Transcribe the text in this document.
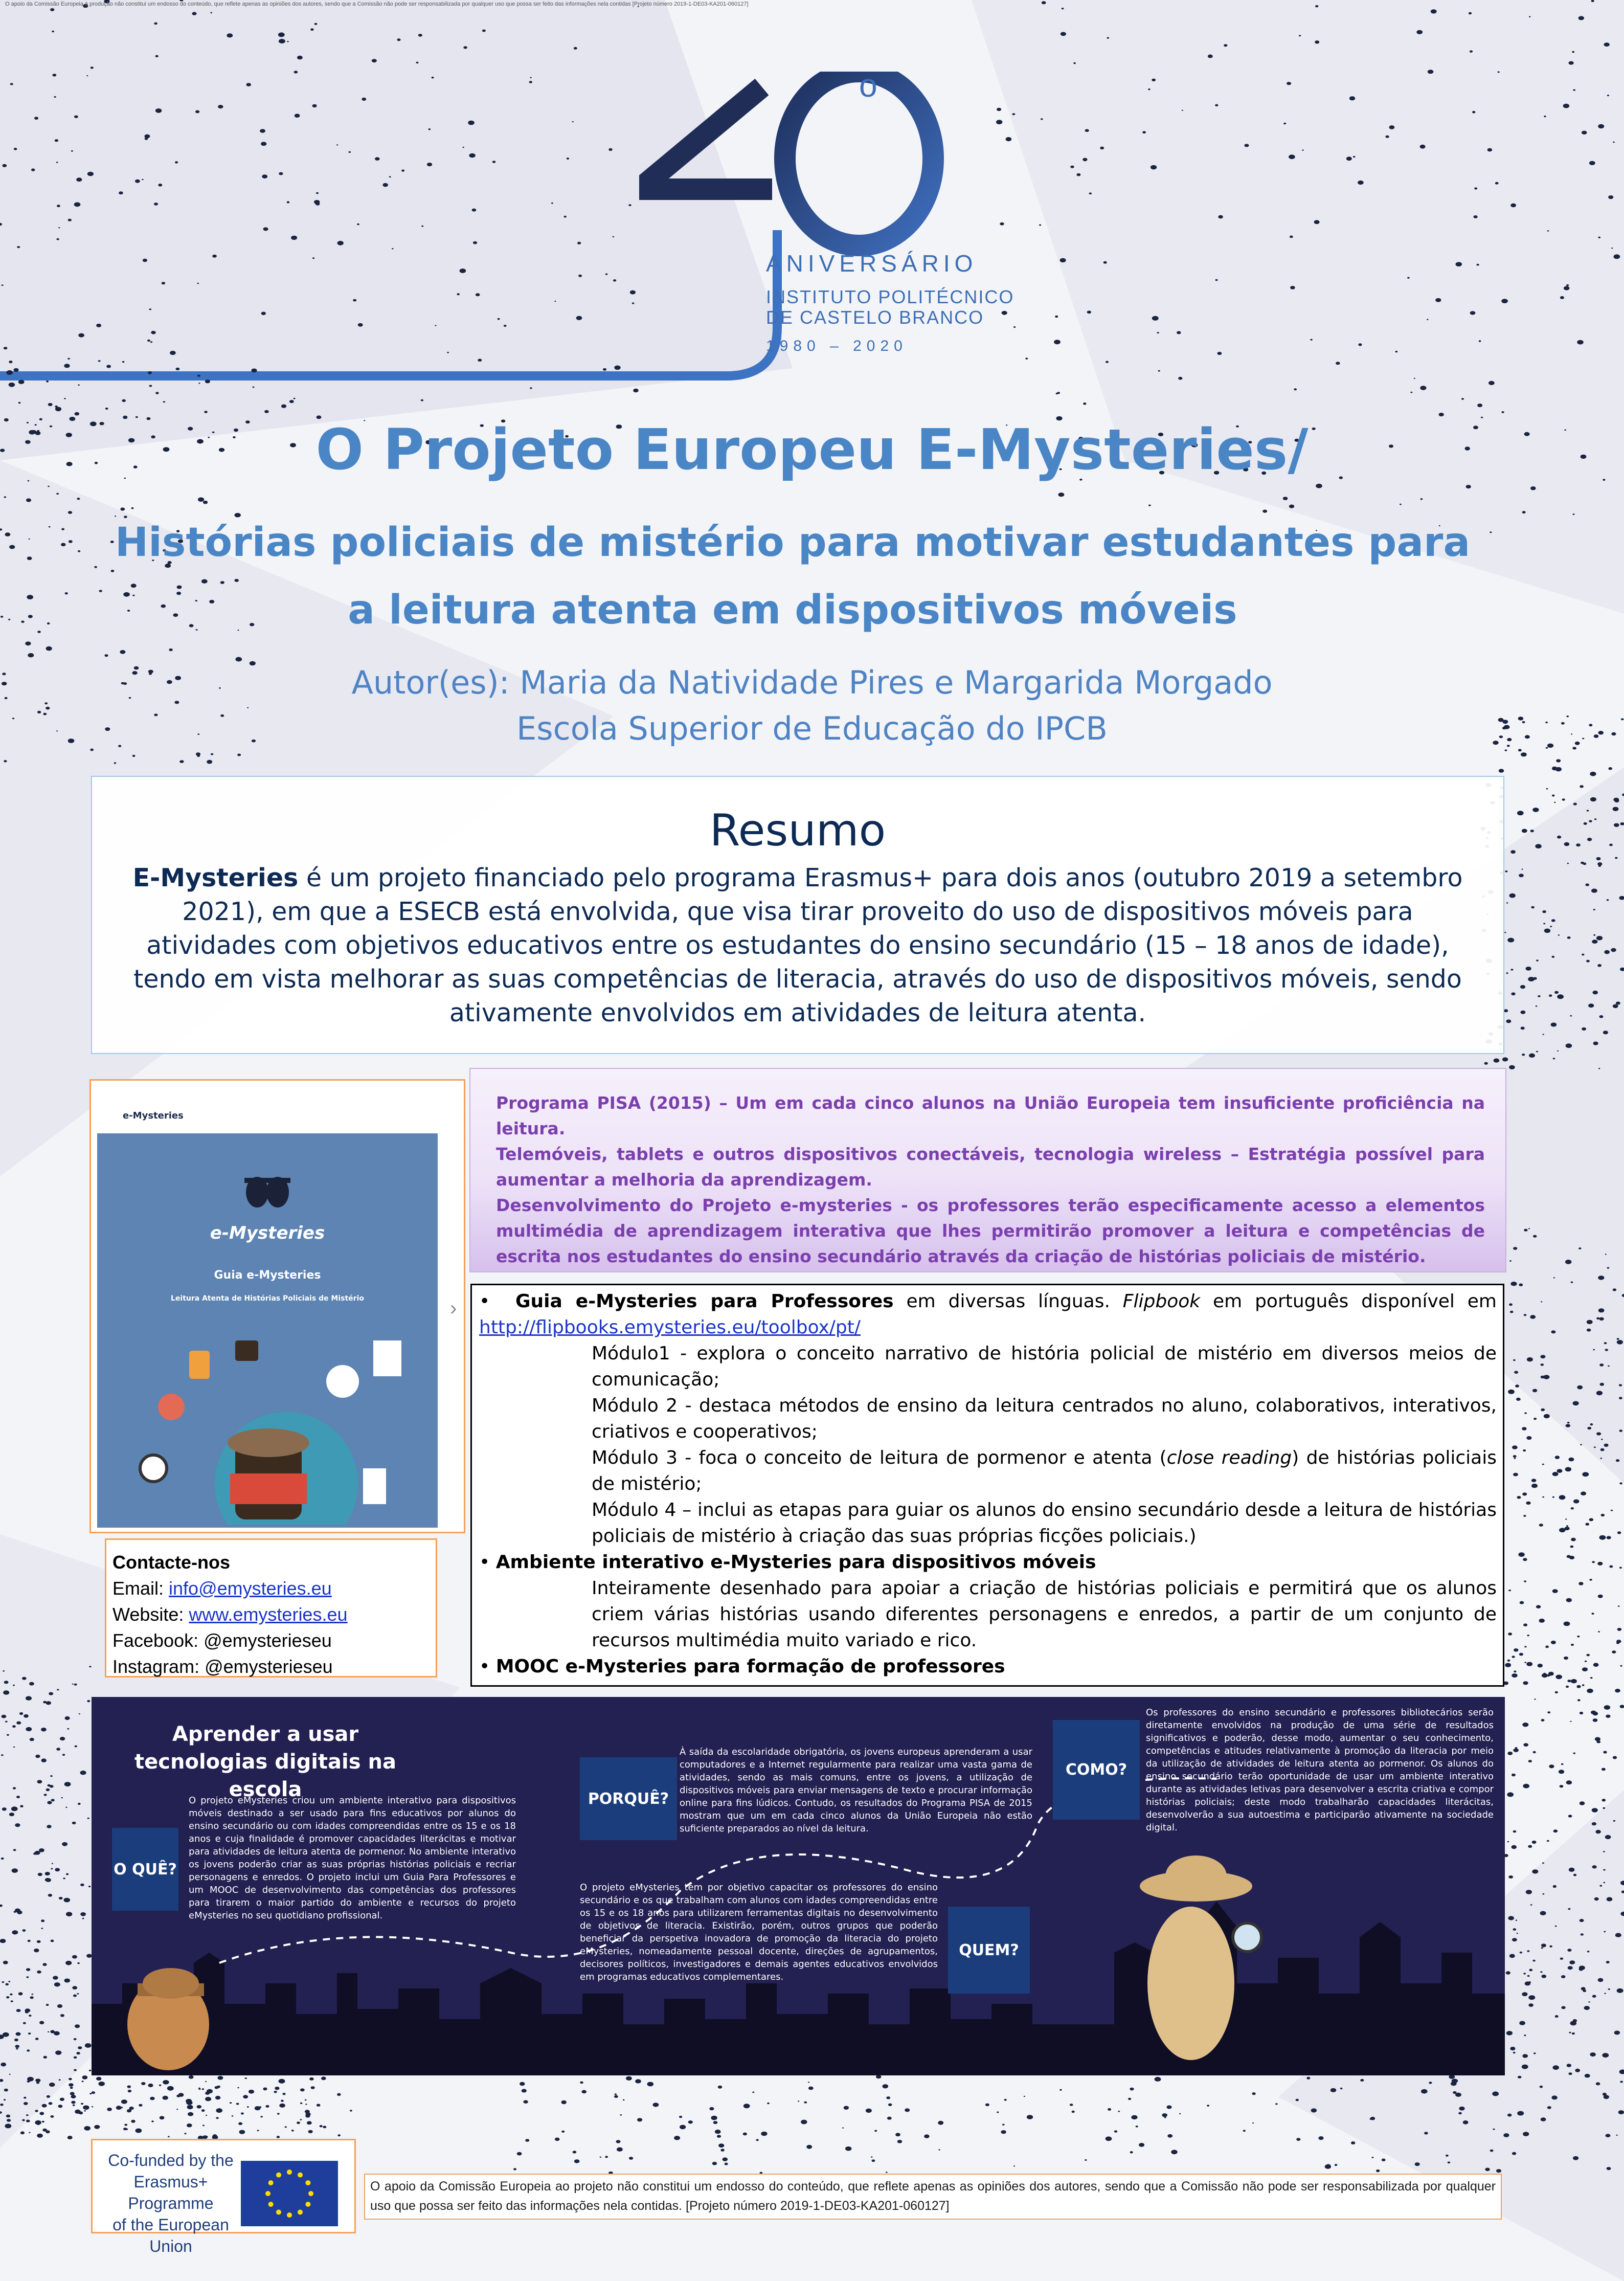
O apoio da Comissão Europeia à produção não constitui um endosso do conteúdo, que reflete apenas as opiniões dos autores, sendo que a Comissão não pode ser responsabilizada por qualquer uso que possa ser feito das informações nela contidas [Projeto número 2019-1-DE03-KA201-060127]
o
ANIVERSÁRIO
INSTITUTO POLITÉCNICO
DE CASTELO BRANCO
1980 – 2020
O Projeto Europeu E-Mysteries/
Histórias policiais de mistério para motivar estudantes para
a leitura atenta em dispositivos móveis
Autor(es): Maria da Natividade Pires e Margarida Morgado
Escola Superior de Educação do IPCB
Resumo
E-Mysteries é um projeto financiado pelo programa Erasmus+ para dois anos (outubro 2019 a setembro 2021), em que a ESECB está envolvida, que visa tirar proveito do uso de dispositivos móveis para atividades com objetivos educativos entre os estudantes do ensino secundário (15 – 18 anos de idade), tendo em vista melhorar as suas competências de literacia, através do uso de dispositivos móveis, sendo ativamente envolvidos em atividades de leitura atenta.
e-Mysteries
e-Mysteries
Guia e-Mysteries
Leitura Atenta de Histórias Policiais de Mistério	›
Contacte-nos
Email: info@emysteries.eu
Website: www.emysteries.eu
Facebook: @emysterieseu
Instagram: @emysterieseu

Programa PISA (2015) – Um em cada cinco alunos na União Europeia tem insuficiente proficiência na leitura.

Telemóveis, tablets e outros dispositivos conectáveis, tecnologia wireless – Estratégia possível para aumentar a melhoria da aprendizagem.

Desenvolvimento do Projeto e-mysteries - os professores terão especificamente acesso a elementos multimédia de aprendizagem interativa que lhes permitirão promover a leitura e competências de escrita nos estudantes do ensino secundário através da criação de histórias policiais de mistério.

•  Guia e-Mysteries para Professores em diversas línguas. Flipbook em português disponível em http://flipbooks.emysteries.eu/toolbox/pt/

Módulo1 - explora o conceito narrativo de história policial de mistério em diversos meios de comunicação;

Módulo 2 - destaca métodos de ensino da leitura centrados no aluno, colaborativos, interativos, criativos e cooperativos;

Módulo 3 - foca o conceito de leitura de pormenor e atenta (close reading) de histórias policiais de mistério;

Módulo 4 – inclui as etapas para guiar os alunos do ensino secundário desde a leitura de histórias policiais de mistério à criação das suas próprias ficções policiais.)

• Ambiente interativo e-Mysteries para dispositivos móveis

Inteiramente desenhado para apoiar a criação de histórias policiais e permitirá que os alunos criem várias histórias usando diferentes personagens e enredos, a partir de um conjunto de recursos multimédia muito variado e rico.

• MOOC e-Mysteries para formação de professores

Aprender a usar tecnologias digitais na escola
O QUÊ?
O projeto eMysteries criou um ambiente interativo para dispositivos móveis destinado a ser usado para fins educativos por alunos do ensino secundário ou com idades compreendidas entre os 15 e os 18 anos e cuja finalidade é promover capacidades literácitas e motivar para atividades de leitura atenta de pormenor. No ambiente interativo os jovens poderão criar as suas próprias histórias policiais e recriar personagens e enredos. O projeto inclui um Guia Para Professores e um MOOC de desenvolvimento das competências dos professores para tirarem o maior partido do ambiente e recursos do projeto eMysteries no seu quotidiano profissional.
PORQUÊ?
À saída da escolaridade obrigatória, os jovens europeus aprenderam a usar computadores e a Internet regularmente para realizar uma vasta gama de atividades, sendo as mais comuns, entre os jovens, a utilização de dispositivos móveis para enviar mensagens de texto e procurar informação online para fins lúdicos. Contudo, os resultados do Programa PISA de 2015 mostram que um em cada cinco alunos da União Europeia não estão suficiente preparados ao nível da leitura.
COMO?
Os professores do ensino secundário e professores bibliotecários serão diretamente envolvidos na produção de uma série de resultados significativos e poderão, desse modo, aumentar o seu conhecimento, competências e atitudes relativamente à promoção da literacia por meio da utilização de atividades de leitura atenta ao pormenor. Os alunos do ensino secundário terão oportunidade de usar um ambiente interativo durante as atividades letivas para desenvolver a escrita criativa e compor histórias policiais; deste modo trabalharão capacidades literácitas, desenvolverão a sua autoestima e participarão ativamente na sociedade digital.
O projeto eMysteries tem por objetivo capacitar os professores do ensino secundário e os que trabalham com alunos com idades compreendidas entre os 15 e os 18 anos para utilizarem ferramentas digitais no desenvolvimento de objetivos de literacia. Existirão, porém, outros grupos que poderão beneficiar da perspetiva inovadora de promoção da literacia do projeto eMysteries, nomeadamente pessoal docente, direções de agrupamentos, decisores políticos, investigadores e demais agentes educativos envolvidos em programas educativos complementares.
QUEM?
Co-funded by the
Erasmus+ Programme
of the European Union
O apoio da Comissão Europeia ao projeto não constitui um endosso do conteúdo, que reflete apenas as opiniões dos autores, sendo que a Comissão não pode ser responsabilizada por qualquer uso que possa ser feito das informações nela contidas. [Projeto número 2019-1-DE03-KA201-060127]
